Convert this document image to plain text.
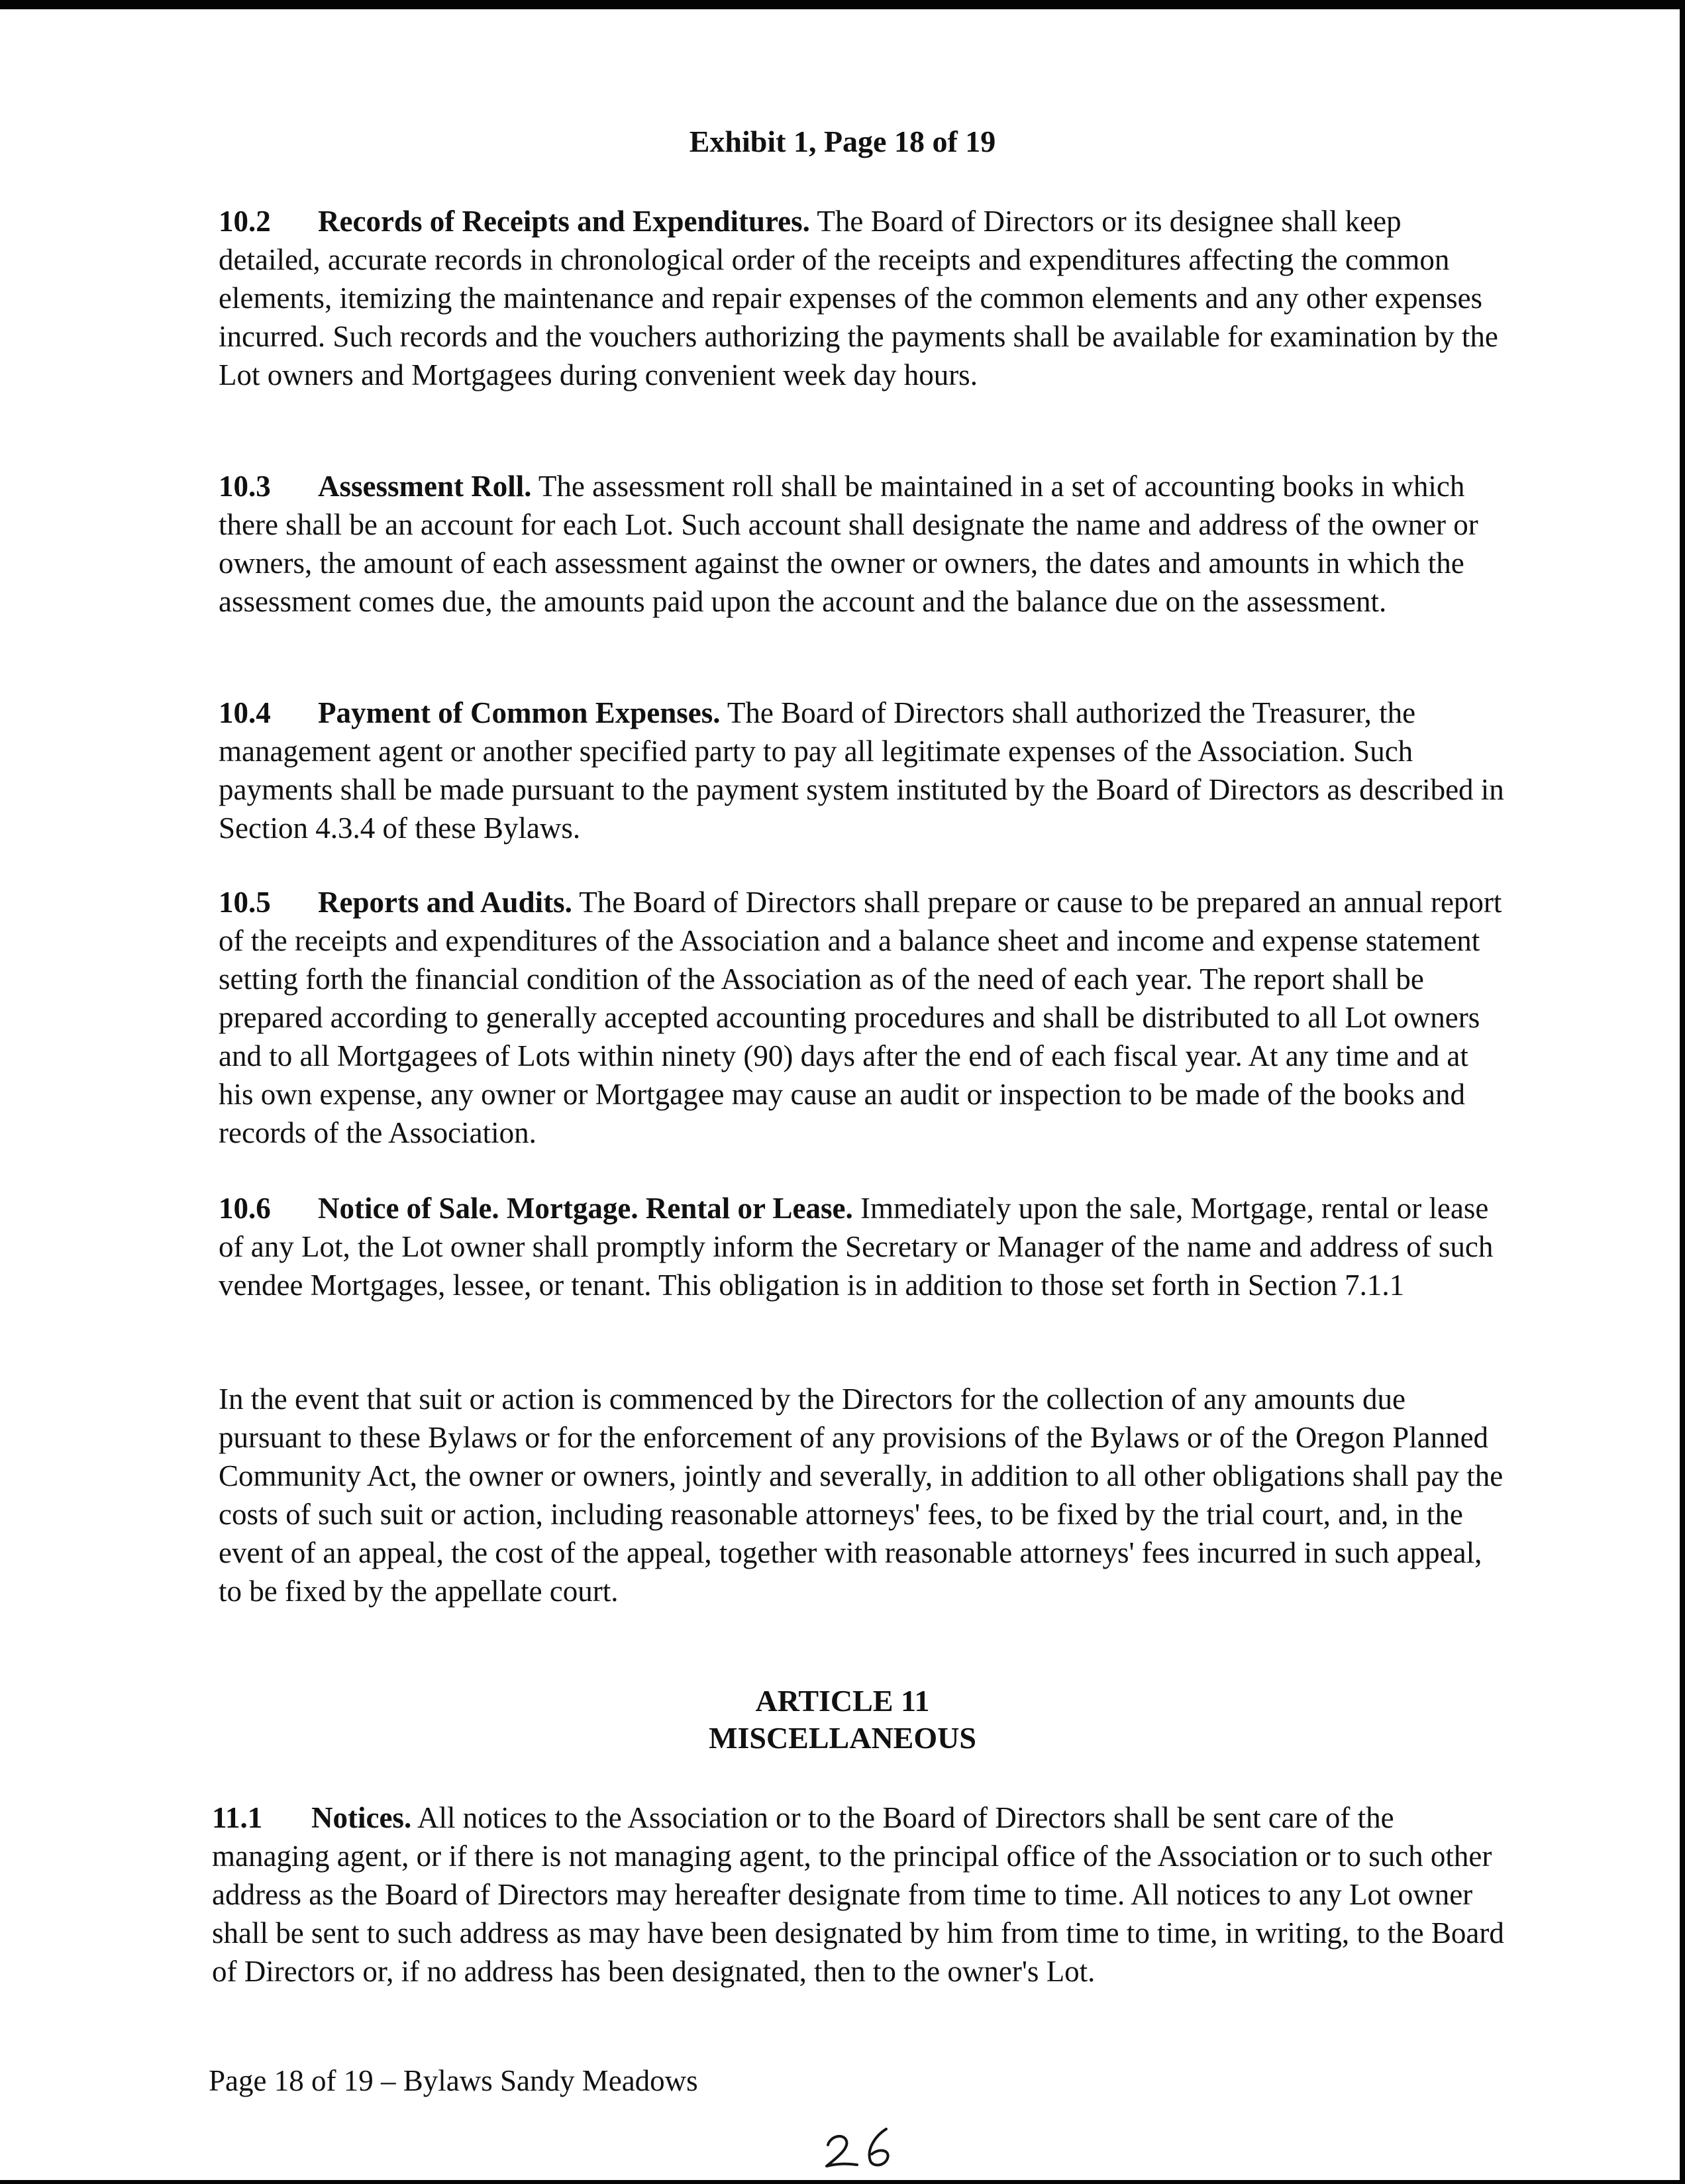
Exhibit 1, Page 18 of 19

10.2 Records of Receipts and Expenditures. The Board of Directors or its designee shall keep detailed, accurate records in chronological order of the receipts and expenditures affecting the common elements, itemizing the maintenance and repair expenses of the common elements and any other expenses incurred. Such records and the vouchers authorizing the payments shall be available for examination by the Lot owners and Mortgagees during convenient week day hours.

10.3 Assessment Roll. The assessment roll shall be maintained in a set of accounting books in which there shall be an account for each Lot. Such account shall designate the name and address of the owner or owners, the amount of each assessment against the owner or owners, the dates and amounts in which the assessment comes due, the amounts paid upon the account and the balance due on the assessment.

10.4 Payment of Common Expenses. The Board of Directors shall authorized the Treasurer, the management agent or another specified party to pay all legitimate expenses of the Association. Such payments shall be made pursuant to the payment system instituted by the Board of Directors as described in Section 4.3.4 of these Bylaws.

10.5 Reports and Audits. The Board of Directors shall prepare or cause to be prepared an annual report of the receipts and expenditures of the Association and a balance sheet and income and expense statement setting forth the financial condition of the Association as of the need of each year. The report shall be prepared according to generally accepted accounting procedures and shall be distributed to all Lot owners and to all Mortgagees of Lots within ninety (90) days after the end of each fiscal year. At any time and at his own expense, any owner or Mortgagee may cause an audit or inspection to be made of the books and records of the Association.

10.6 Notice of Sale. Mortgage. Rental or Lease. Immediately upon the sale, Mortgage, rental or lease of any Lot, the Lot owner shall promptly inform the Secretary or Manager of the name and address of such vendee Mortgages, lessee, or tenant. This obligation is in addition to those set forth in Section 7.1.1

In the event that suit or action is commenced by the Directors for the collection of any amounts due pursuant to these Bylaws or for the enforcement of any provisions of the Bylaws or of the Oregon Planned Community Act, the owner or owners, jointly and severally, in addition to all other obligations shall pay the costs of such suit or action, including reasonable attorneys' fees, to be fixed by the trial court, and, in the event of an appeal, the cost of the appeal, together with reasonable attorneys' fees incurred in such appeal, to be fixed by the appellate court.

ARTICLE 11

MISCELLANEOUS

11.1 Notices. All notices to the Association or to the Board of Directors shall be sent care of the managing agent, or if there is not managing agent, to the principal office of the Association or to such other address as the Board of Directors may hereafter designate from time to time. All notices to any Lot owner shall be sent to such address as may have been designated by him from time to time, in writing, to the Board of Directors or, if no address has been designated, then to the owner's Lot.

Page 18 of 19 – Bylaws Sandy Meadows
